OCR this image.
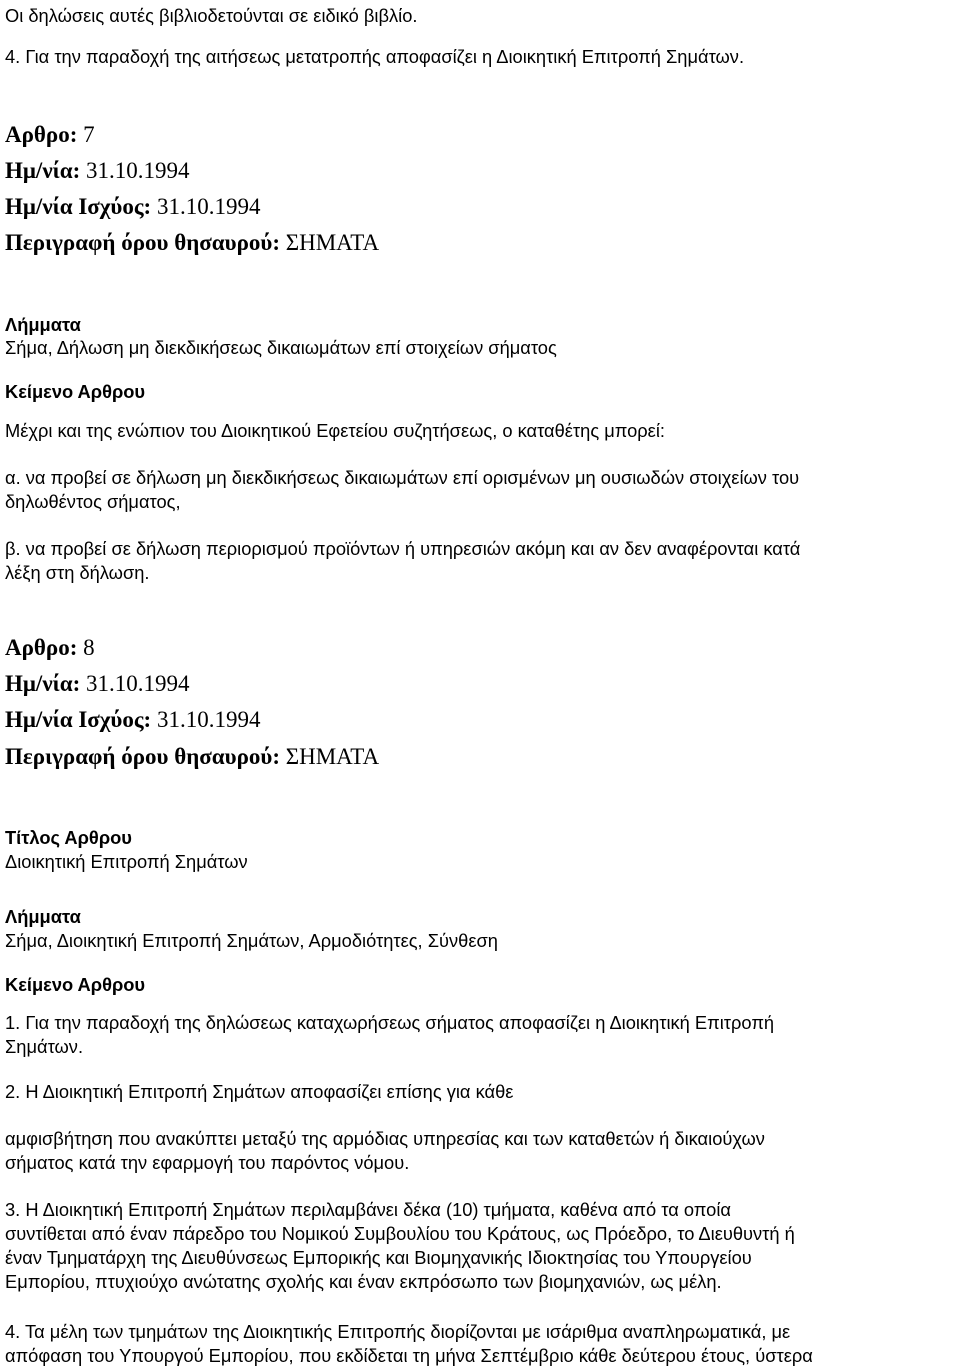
Οι δηλώσεις αυτές βιβλιοδετούνται σε ειδικό βιβλίο.
4. Για την παραδοχή της αιτήσεως μετατροπής αποφασίζει η Διοικητική Επιτροπή Σημάτων.
Αρθρο: 7
Ημ/νία: 31.10.1994
Ημ/νία Ισχύος: 31.10.1994
Περιγραφή όρου θησαυρού: ΣΗΜΑΤΑ
Λήμματα
Σήμα, Δήλωση μη διεκδικήσεως δικαιωμάτων επί στοιχείων σήματος
Κείμενο Αρθρου
Μέχρι και της ενώπιον του Διοικητικού Εφετείου συζητήσεως, ο καταθέτης μπορεί:
α. να προβεί σε δήλωση μη διεκδικήσεως δικαιωμάτων επί ορισμένων μη ουσιωδών στοιχείων του
δηλωθέντος σήματος,
β. να προβεί σε δήλωση περιορισμού προϊόντων ή υπηρεσιών ακόμη και αν δεν αναφέρονται κατά
λέξη στη δήλωση.
Αρθρο: 8
Ημ/νία: 31.10.1994
Ημ/νία Ισχύος: 31.10.1994
Περιγραφή όρου θησαυρού: ΣΗΜΑΤΑ
Τίτλος Αρθρου
Διοικητική Επιτροπή Σημάτων
Λήμματα
Σήμα, Διοικητική Επιτροπή Σημάτων, Αρμοδιότητες, Σύνθεση
Κείμενο Αρθρου
1. Για την παραδοχή της δηλώσεως καταχωρήσεως σήματος αποφασίζει η Διοικητική Επιτροπή
Σημάτων.
2. Η Διοικητική Επιτροπή Σημάτων αποφασίζει επίσης για κάθε
αμφισβήτηση που ανακύπτει μεταξύ της αρμόδιας υπηρεσίας και των καταθετών ή δικαιούχων
σήματος κατά την εφαρμογή του παρόντος νόμου.
3. Η Διοικητική Επιτροπή Σημάτων περιλαμβάνει δέκα (10) τμήματα, καθένα από τα οποία
συντίθεται από έναν πάρεδρο του Νομικού Συμβουλίου του Κράτους, ως Πρόεδρο, το Διευθυντή ή
έναν Τμηματάρχη της Διευθύνσεως Εμπορικής και Βιομηχανικής Ιδιοκτησίας του Υπουργείου
Εμπορίου, πτυχιούχο ανώτατης σχολής και έναν εκπρόσωπο των βιομηχανιών, ως μέλη.
4. Τα μέλη των τμημάτων της Διοικητικής Επιτροπής διορίζονται με ισάριθμα αναπληρωματικά, με
απόφαση του Υπουργού Εμπορίου, που εκδίδεται τη μήνα Σεπτέμβριο κάθε δεύτερου έτους, ύστερα
